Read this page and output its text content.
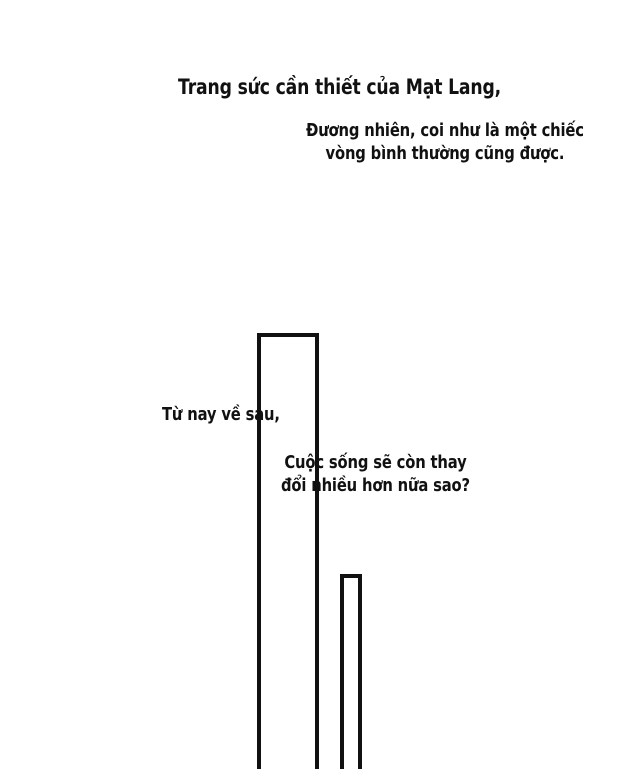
Trang sức cần thiết của Mạt Lang,

Đương nhiên, coi như là một chiếc
vòng bình thường cũng được.

Từ nay về sau,

Cuộc sống sẽ còn thay
đổi nhiều hơn nữa sao?
